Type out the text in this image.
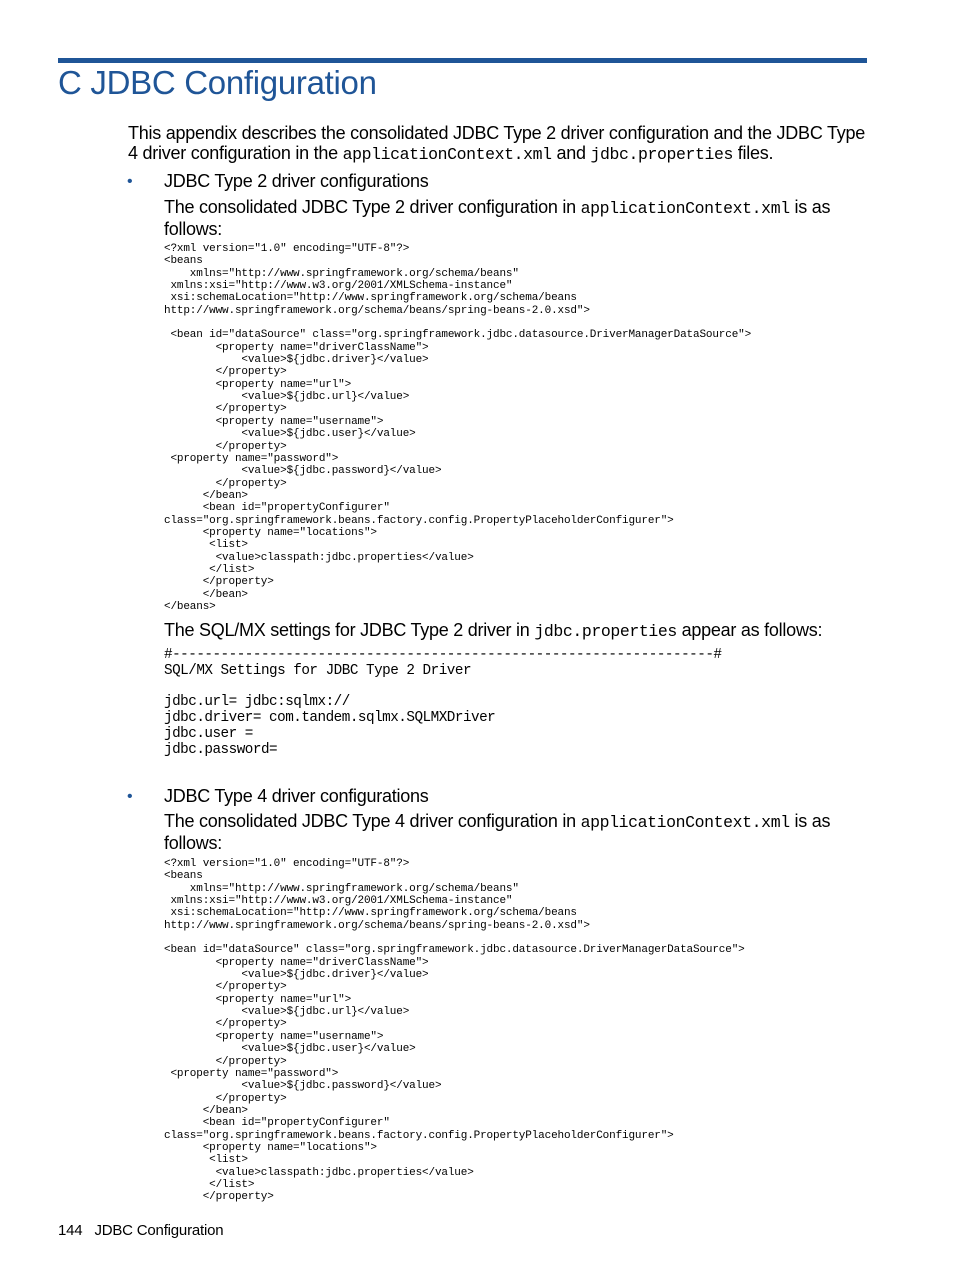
C JDBC Configuration

This appendix describes the consolidated JDBC Type 2 driver configuration and the JDBC Type 4 driver configuration in the applicationContext.xml and jdbc.properties files.

• JDBC Type 2 driver configurations

The consolidated JDBC Type 2 driver configuration in applicationContext.xml is as follows:

<?xml version="1.0" encoding="UTF-8"?>
<beans
xmlns="http://www.springframework.org/schema/beans"
xmlns:xsi="http://www.w3.org/2001/XMLSchema-instance"
xsi:schemaLocation="http://www.springframework.org/schema/beans
http://www.springframework.org/schema/beans/spring-beans-2.0.xsd">

<bean id="dataSource" class="org.springframework.jdbc.datasource.DriverManagerDataSource">
<property name="driverClassName">
<value>${jdbc.driver}</value>
</property>
<property name="url">
<value>${jdbc.url}</value>
</property>
<property name="username">
<value>${jdbc.user}</value>
</property>
<property name="password">
<value>${jdbc.password}</value>
</property>
</bean>
<bean id="propertyConfigurer"
class="org.springframework.beans.factory.config.PropertyPlaceholderConfigurer">
<property name="locations">
<list>
<value>classpath:jdbc.properties</value>
</list>
</property>
</bean>
</beans>

The SQL/MX settings for JDBC Type 2 driver in jdbc.properties appear as follows:

#-------------------------------------------------------------------#
SQL/MX Settings for JDBC Type 2 Driver

jdbc.url= jdbc:sqlmx://
jdbc.driver= com.tandem.sqlmx.SQLMXDriver
jdbc.user =
jdbc.password=
• JDBC Type 4 driver configurations

The consolidated JDBC Type 4 driver configuration in applicationContext.xml is as follows:

<?xml version="1.0" encoding="UTF-8"?>
<beans
xmlns="http://www.springframework.org/schema/beans"
xmlns:xsi="http://www.w3.org/2001/XMLSchema-instance"
xsi:schemaLocation="http://www.springframework.org/schema/beans
http://www.springframework.org/schema/beans/spring-beans-2.0.xsd">

<bean id="dataSource" class="org.springframework.jdbc.datasource.DriverManagerDataSource">
<property name="driverClassName">
<value>${jdbc.driver}</value>
</property>
<property name="url">
<value>${jdbc.url}</value>
</property>
<property name="username">
<value>${jdbc.user}</value>
</property>
<property name="password">
<value>${jdbc.password}</value>
</property>
</bean>
<bean id="propertyConfigurer"
class="org.springframework.beans.factory.config.PropertyPlaceholderConfigurer">
<property name="locations">
<list>
<value>classpath:jdbc.properties</value>
</list>
</property>
144 JDBC Configuration
